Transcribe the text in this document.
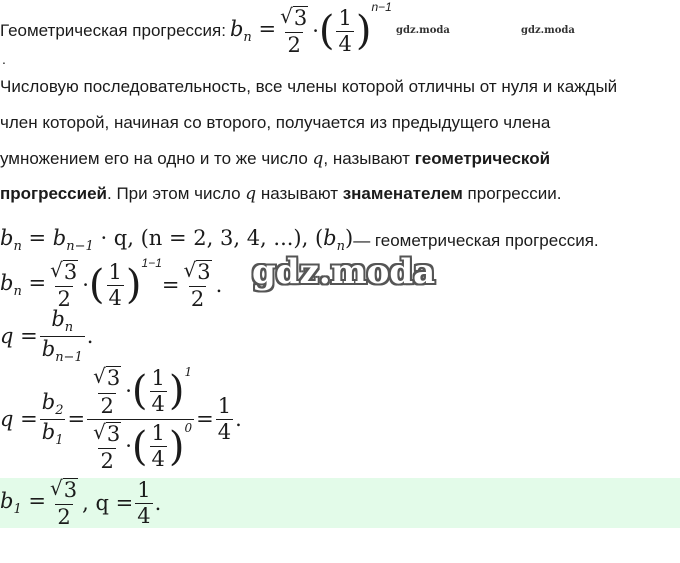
Геометрическая прогрессия: $b_n = \frac{√ 3}{2}$ · ( $\frac{1}{4}$ )
n−1
gdz.moda	gdz.moda
.
Числовую последовательность, все члены которой отличны от нуля и каждый
член которой, начиная со второго, получается из предыдущего члена
умножением его на одно и то же число q, называют геометрической
прогрессией. При этом число q называют знаменателем прогрессии.
$b_n = b_{n-1} \cdot q$, (n = 2, 3, 4, ...), $(b_n)$ — геометрическая прогрессия.
$b_n = \frac{√ 3}{2}$ · ( $\frac{1}{4}$ ) 1−1
= $\frac{√ 3}{2}$ . gdz.moda
$q = \frac{b_n}{b_{n-1}}$ .
$q = \frac{b_2}{b_1} = \frac{\frac{√ 3}{2} \cdot ( \frac{1}{4} ) 1}{\frac{√ 3}{2} \cdot ( \frac{1}{4} ) 0} = \frac{1}{4}$ .
$b_1 = \frac{√ 3}{2}$ , $q = \frac{1}{4}$ .
